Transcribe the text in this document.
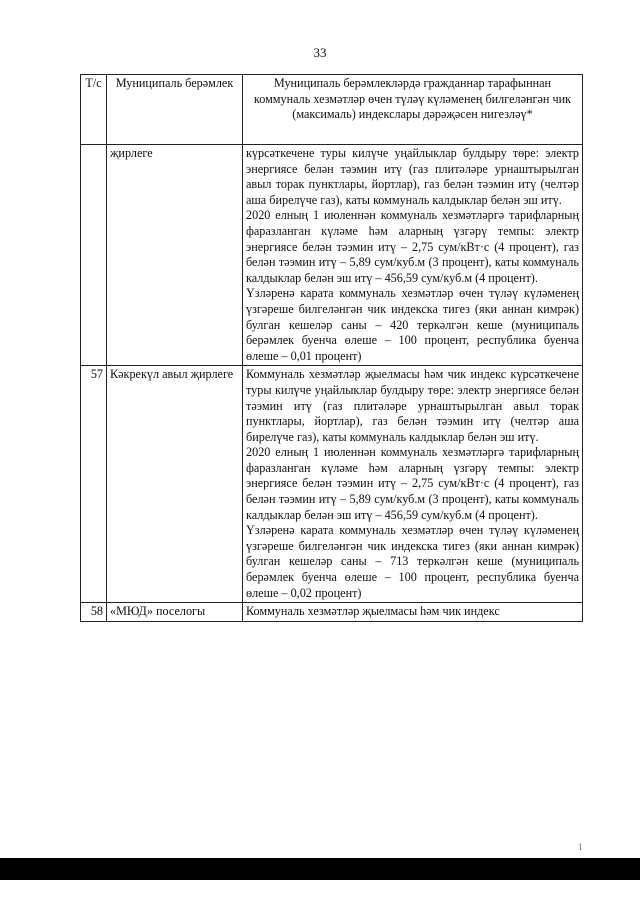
33
Т/с	Муниципаль берәмлек	Муниципаль берәмлекләрдә гражданнар тарафыннан коммуналь хезмәтләр өчен түләү күләменең билгеләнгән чик (максималь) индекслары дәрәҗәсен нигезләү*
	җирлеге	күрсәткечене туры килүче уңайлыклар булдыру төре: электр энергиясе белән тәэмин итү (газ плитәләре урнаштырылган авыл торак пунктлары, йортлар), газ белән тәэмин итү (челтәр аша бирелүче газ), каты коммуналь калдыклар белән эш итү.

2020 елның 1 июленнән коммуналь хезмәтләргә тарифларның фаразланган күләме һәм аларның үзгәрү темпы: электр энергиясе белән тәэмин итү – 2,75 сум/кВт·с (4 процент), газ белән тәэмин итү – 5,89 сум/куб.м (3 процент), каты коммуналь калдыклар белән эш итү – 456,59 сум/куб.м (4 процент).

Үзләренә карата коммуналь хезмәтләр өчен түләү күләменең үзгәреше билгеләнгән чик индекска тигез (яки аннан кимрәк) булган кешеләр саны – 420 теркәлгән кеше (муниципаль берәмлек буенча өлеше – 100 процент, республика буенча өлеше – 0,01 процент)

57	Кәкрекүл авыл җирлеге	Коммуналь хезмәтләр җыелмасы һәм чик индекс күрсәткечене туры килүче уңайлыклар булдыру төре: электр энергиясе белән тәэмин итү (газ плитәләре урнаштырылган авыл торак пунктлары, йортлар), газ белән тәэмин итү (челтәр аша бирелүче газ), каты коммуналь калдыклар белән эш итү.

2020 елның 1 июленнән коммуналь хезмәтләргә тарифларның фаразланган күләме һәм аларның үзгәрү темпы: электр энергиясе белән тәэмин итү – 2,75 сум/кВт·с (4 процент), газ белән тәэмин итү – 5,89 сум/куб.м (3 процент), каты коммуналь калдыклар белән эш итү – 456,59 сум/куб.м (4 процент).

Үзләренә карата коммуналь хезмәтләр өчен түләү күләменең үзгәреше билгеләнгән чик индекска тигез (яки аннан кимрәк) булган кешеләр саны – 713 теркәлгән кеше (муниципаль берәмлек буенча өлеше – 100 процент, республика буенча өлеше – 0,02 процент)

58	«МЮД» поселогы	Коммуналь хезмәтләр җыелмасы һәм чик индекс

1
